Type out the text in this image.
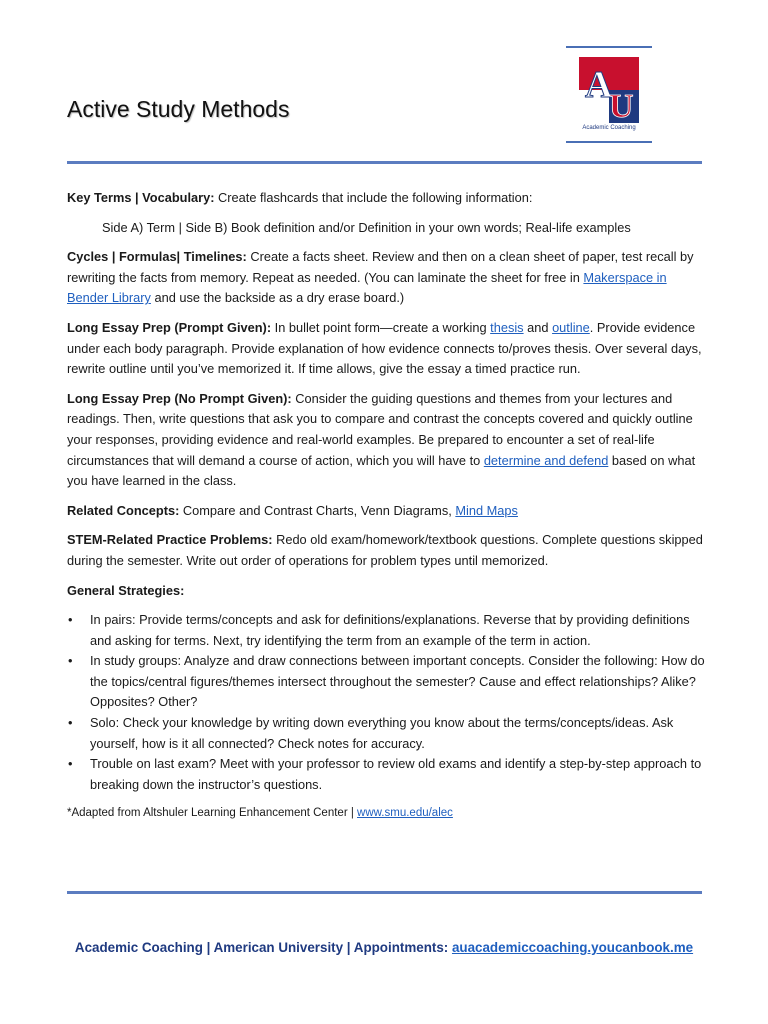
Active Study Methods
A
U
Academic Coaching

Key Terms | Vocabulary: Create flashcards that include the following information:

Side A) Term | Side B) Book definition and/or Definition in your own words; Real-life examples

Cycles | Formulas| Timelines: Create a facts sheet. Review and then on a clean sheet of paper, test recall by rewriting the facts from memory. Repeat as needed. (You can laminate the sheet for free in Makerspace in Bender Library and use the backside as a dry erase board.)

Long Essay Prep (Prompt Given): In bullet point form—create a working thesis and outline. Provide evidence under each body paragraph. Provide explanation of how evidence connects to/proves thesis. Over several days, rewrite outline until you’ve memorized it. If time allows, give the essay a timed practice run.

Long Essay Prep (No Prompt Given): Consider the guiding questions and themes from your lectures and readings. Then, write questions that ask you to compare and contrast the concepts covered and quickly outline your responses, providing evidence and real-world examples. Be prepared to encounter a set of real-life circumstances that will demand a course of action, which you will have to determine and defend based on what you have learned in the class.

Related Concepts: Compare and Contrast Charts, Venn Diagrams, Mind Maps

STEM-Related Practice Problems: Redo old exam/homework/textbook questions. Complete questions skipped during the semester. Write out order of operations for problem types until memorized.

General Strategies:

• In pairs: Provide terms/concepts and ask for definitions/explanations. Reverse that by providing definitions and asking for terms. Next, try identifying the term from an example of the term in action.
• In study groups: Analyze and draw connections between important concepts. Consider the following: How do the topics/central figures/themes intersect throughout the semester? Cause and effect relationships? Alike? Opposites? Other?
• Solo: Check your knowledge by writing down everything you know about the terms/concepts/ideas. Ask yourself, how is it all connected? Check notes for accuracy.
• Trouble on last exam? Meet with your professor to review old exams and identify a step-by-step approach to breaking down the instructor’s questions.

*Adapted from Altshuler Learning Enhancement Center | www.smu.edu/alec

Academic Coaching | American University | Appointments: auacademiccoaching.youcanbook.me
